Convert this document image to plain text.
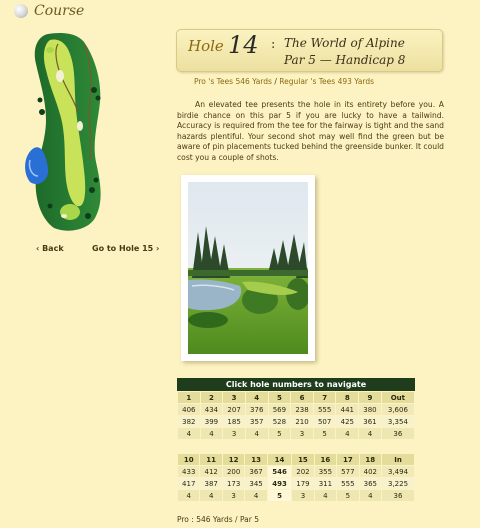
Course
‹ Back	Go to Hole 15 ›
Hole 14 : The World of Alpine
Par 5 — Handicap 8
Pro 's Tees 546 Yards / Regular 's Tees 493 Yards

An elevated tee presents the hole in its entirety before you. A birdie chance on this par 5 if you are lucky to have a tailwind. Accuracy is required from the tee for the fairway is tight and the sand hazards plentiful. Your second shot may well find the green but be aware of pin placements tucked behind the greenside bunker. It could cost you a couple of shots.

Click hole numbers to navigate
1	2	3	4	5	6	7	8	9	Out
406	434	207	376	569	238	555	441	380	3,606
382	399	185	357	528	210	507	425	361	3,354
4	4	3	4	5	3	5	4	4	36
10	11	12	13	14	15	16	17	18	In
433	412	200	367	546	202	355	577	402	3,494
417	387	173	345	493	179	311	555	365	3,225
4	4	3	4	5	3	4	5	4	36
Pro : 546 Yards / Par 5
